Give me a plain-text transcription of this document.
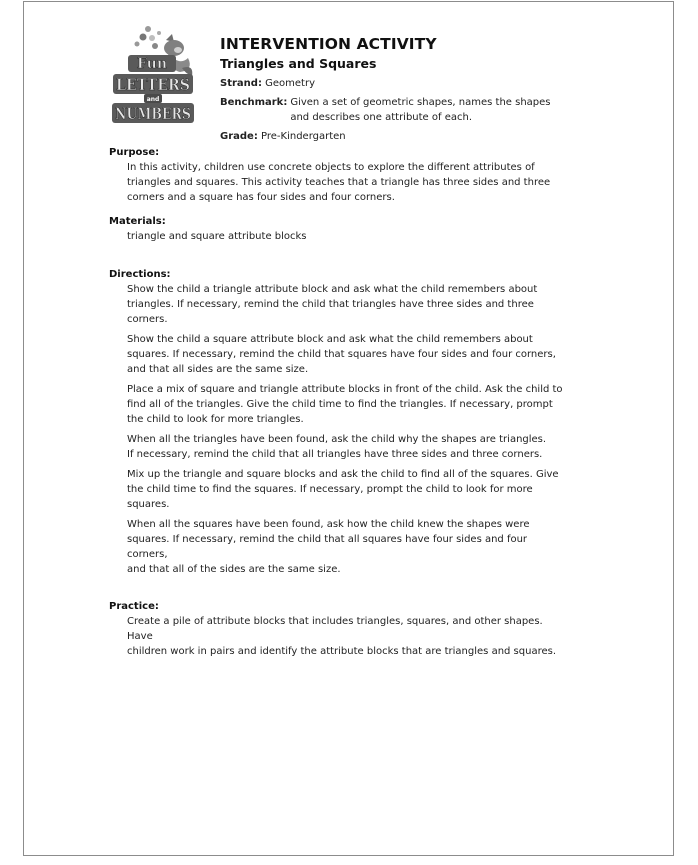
Fun
LETTERS
and
NUMBERS
INTERVENTION ACTIVITY
Triangles and Squares
Strand: Geometry
Benchmark: Given a set of geometric shapes, names the shapes
and describes one attribute of each.
Grade: Pre-Kindergarten
Purpose:
In this activity, children use concrete objects to explore the different attributes of
triangles and squares. This activity teaches that a triangle has three sides and three
corners and a square has four sides and four corners.
Materials:
triangle and square attribute blocks
Directions:

Show the child a triangle attribute block and ask what the child remembers about
triangles. If necessary, remind the child that triangles have three sides and three
corners.

Show the child a square attribute block and ask what the child remembers about
squares. If necessary, remind the child that squares have four sides and four corners,
and that all sides are the same size.

Place a mix of square and triangle attribute blocks in front of the child. Ask the child to
find all of the triangles. Give the child time to find the triangles. If necessary, prompt
the child to look for more triangles.

When all the triangles have been found, ask the child why the shapes are triangles.
If necessary, remind the child that all triangles have three sides and three corners.

Mix up the triangle and square blocks and ask the child to find all of the squares. Give
the child time to find the squares. If necessary, prompt the child to look for more
squares.

When all the squares have been found, ask how the child knew the shapes were
squares. If necessary, remind the child that all squares have four sides and four corners,
and that all of the sides are the same size.

Practice:
Create a pile of attribute blocks that includes triangles, squares, and other shapes. Have
children work in pairs and identify the attribute blocks that are triangles and squares.
